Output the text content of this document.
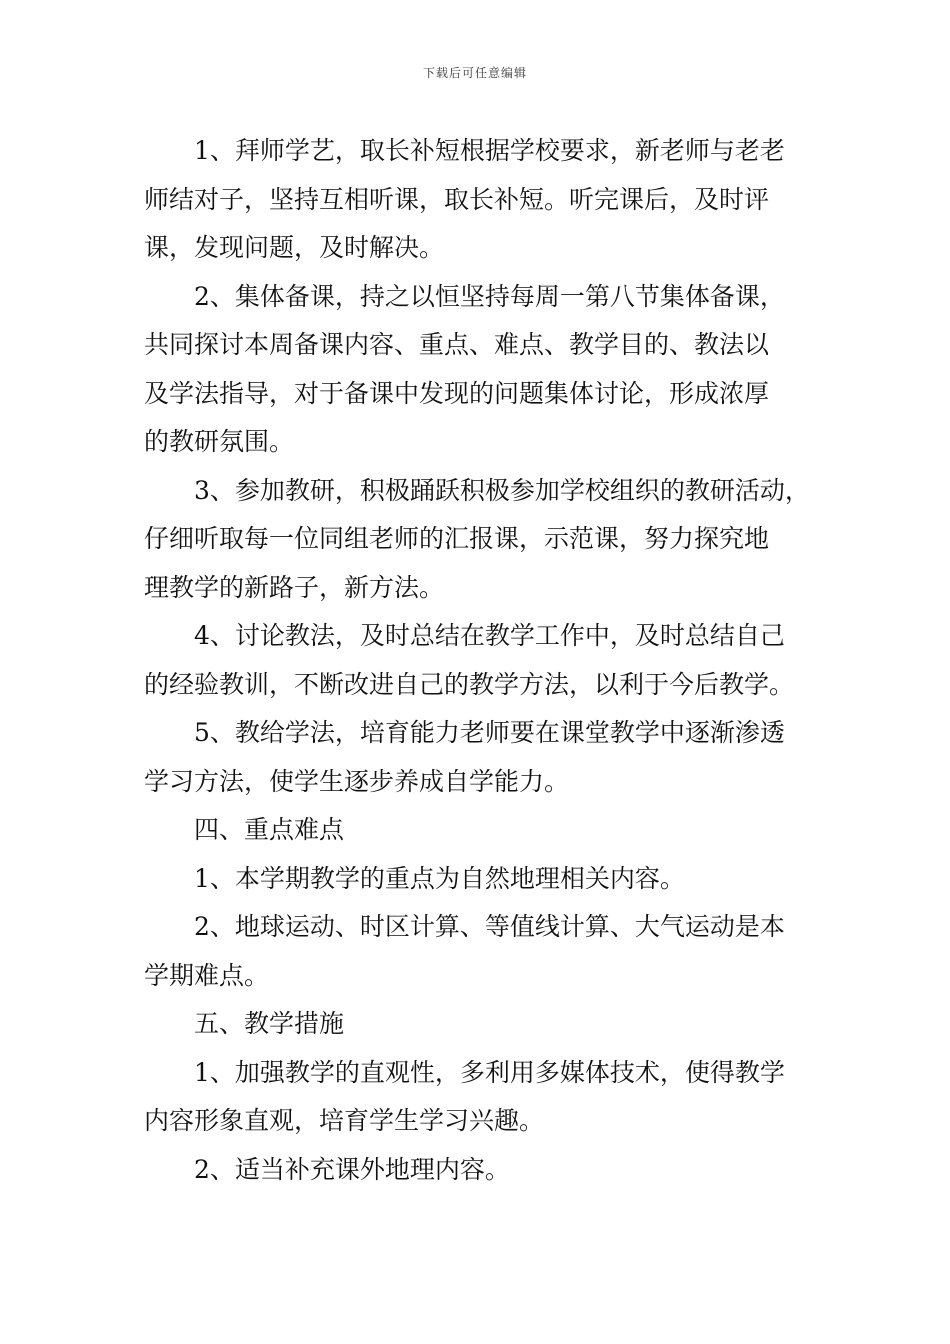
下载后可任意编辑
1、拜师学艺，取长补短根据学校要求，新老师与老老
师结对子，坚持互相听课，取长补短。听完课后，及时评
课，发现问题，及时解决。
2、集体备课，持之以恒坚持每周一第八节集体备课，
共同探讨本周备课内容、重点、难点、教学目的、教法以
及学法指导，对于备课中发现的问题集体讨论，形成浓厚
的教研氛围。
3、参加教研，积极踊跃积极参加学校组织的教研活动，
仔细听取每一位同组老师的汇报课，示范课，努力探究地
理教学的新路子，新方法。
4、讨论教法，及时总结在教学工作中，及时总结自己
的经验教训，不断改进自己的教学方法，以利于今后教学。
5、教给学法，培育能力老师要在课堂教学中逐渐渗透
学习方法，使学生逐步养成自学能力。
四、重点难点
1、本学期教学的重点为自然地理相关内容。
2、地球运动、时区计算、等值线计算、大气运动是本
学期难点。
五、教学措施
1、加强教学的直观性，多利用多媒体技术，使得教学
内容形象直观，培育学生学习兴趣。
2、适当补充课外地理内容。
